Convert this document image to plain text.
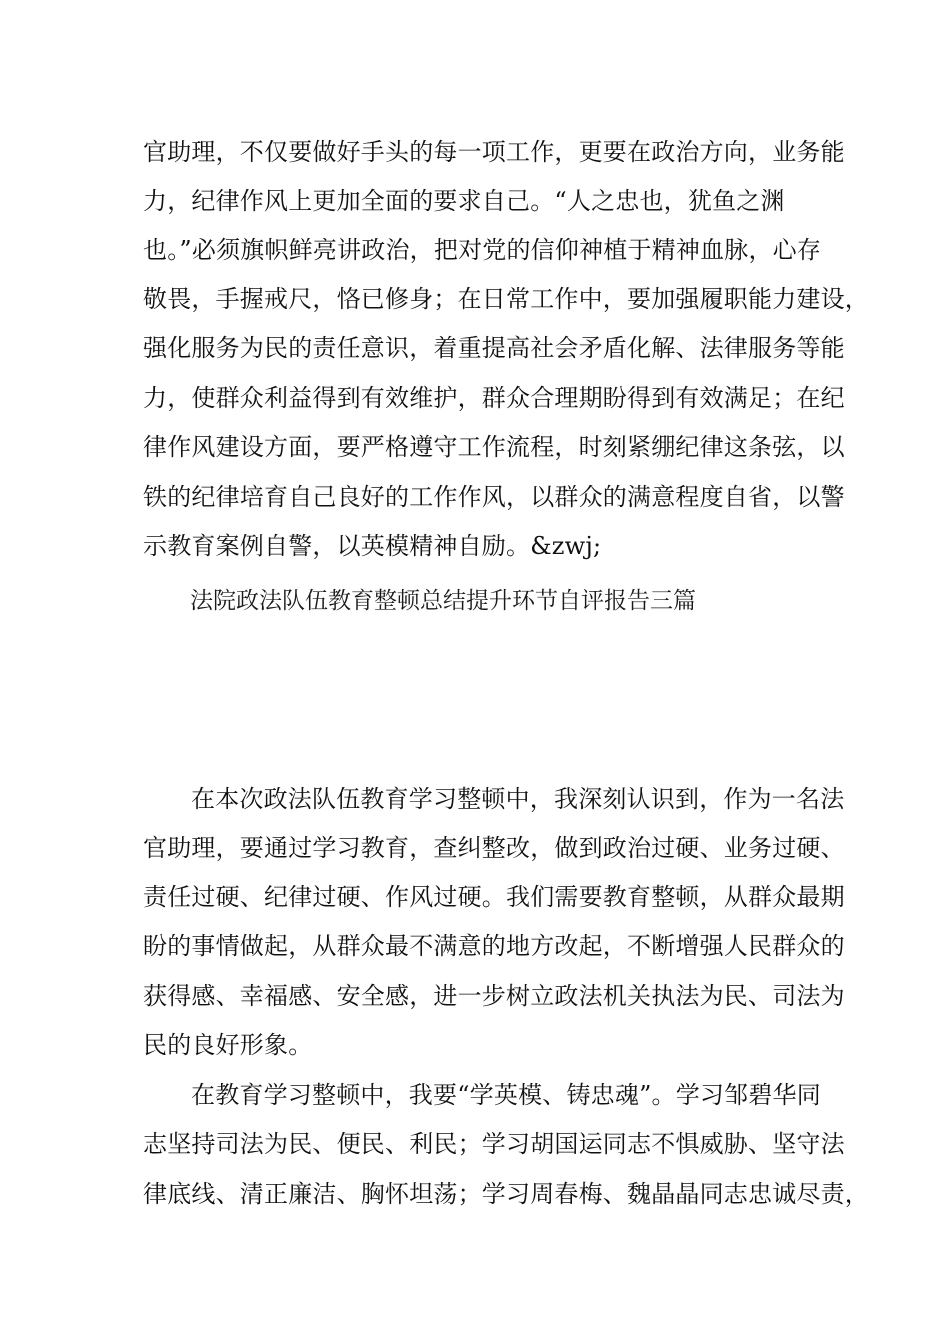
官助理，不仅要做好手头的每一项工作，更要在政治方向，业务能
力，纪律作风上更加全面的要求自己。“人之忠也，犹鱼之渊
也。”必须旗帜鲜亮讲政治，把对党的信仰神植于精神血脉，心存
敬畏，手握戒尺，恪已修身；在日常工作中，要加强履职能力建设，
强化服务为民的责任意识，着重提高社会矛盾化解、法律服务等能
力，使群众利益得到有效维护，群众合理期盼得到有效满足；在纪
律作风建设方面，要严格遵守工作流程，时刻紧绷纪律这条弦，以
铁的纪律培育自己良好的工作作风，以群众的满意程度自省，以警
示教育案例自警，以英模精神自励。&zwj;
法院政法队伍教育整顿总结提升环节自评报告三篇
在本次政法队伍教育学习整顿中，我深刻认识到，作为一名法
官助理，要通过学习教育，查纠整改，做到政治过硬、业务过硬、
责任过硬、纪律过硬、作风过硬。我们需要教育整顿，从群众最期
盼的事情做起，从群众最不满意的地方改起，不断增强人民群众的
获得感、幸福感、安全感，进一步树立政法机关执法为民、司法为
民的良好形象。
在教育学习整顿中，我要“学英模、铸忠魂”。学习邹碧华同
志坚持司法为民、便民、利民；学习胡国运同志不惧威胁、坚守法
律底线、清正廉洁、胸怀坦荡；学习周春梅、魏晶晶同志忠诚尽责，
